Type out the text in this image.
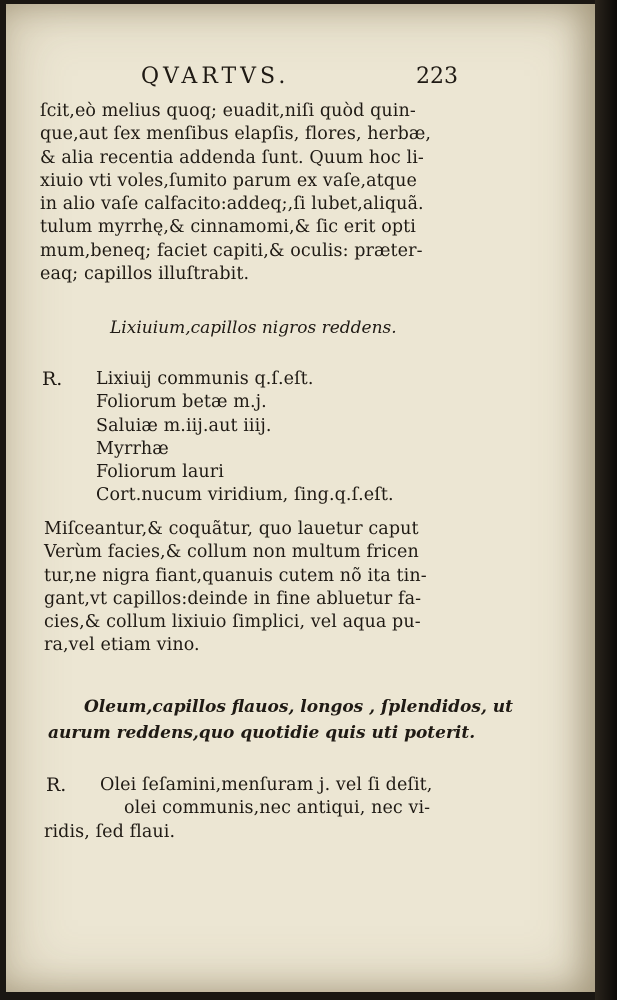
QVARTVS.	223
ſcit,eò melius quoq; euadit,niſi quòd quin-
que,aut ſex menſibus elapſis, flores, herbæ,
& alia recentia addenda ſunt. Quum hoc li-
xiuio vti voles,ſumito parum ex vaſe,atque
in alio vaſe calfacito:addeq;,ſi lubet,aliquã.
tulum myrrhę,& cinnamomi,& ſic erit opti
mum,beneq; faciet capiti,& oculis: præter-
eaq; capillos illuſtrabit.
Lixiuium,capillos nigros reddens.
R. Lixiuij communis q.ſ.eſt.
Foliorum betæ m.j.
Saluiæ m.iij.aut iiij.
Myrrhæ
Foliorum lauri
Cort.nucum viridium, ſing.q.ſ.eſt.
Miſceantur,& coquãtur, quo lauetur caput
Verùm facies,& collum non multum fricen
tur,ne nigra fiant,quanuis cutem nõ ita tin-
gant,vt capillos:deinde in fine abluetur fa-
cies,& collum lixiuio ſimplici, vel aqua pu-
ra,vel etiam vino.
Oleum,capillos flauos, longos , ſplendidos, ut
aurum reddens,quo quotidie quis uti poterit.
R. Olei ſeſamini,menſuram j. vel ſi deſit,
olei communis,nec antiqui, nec vi-
ridis, ſed flaui.
